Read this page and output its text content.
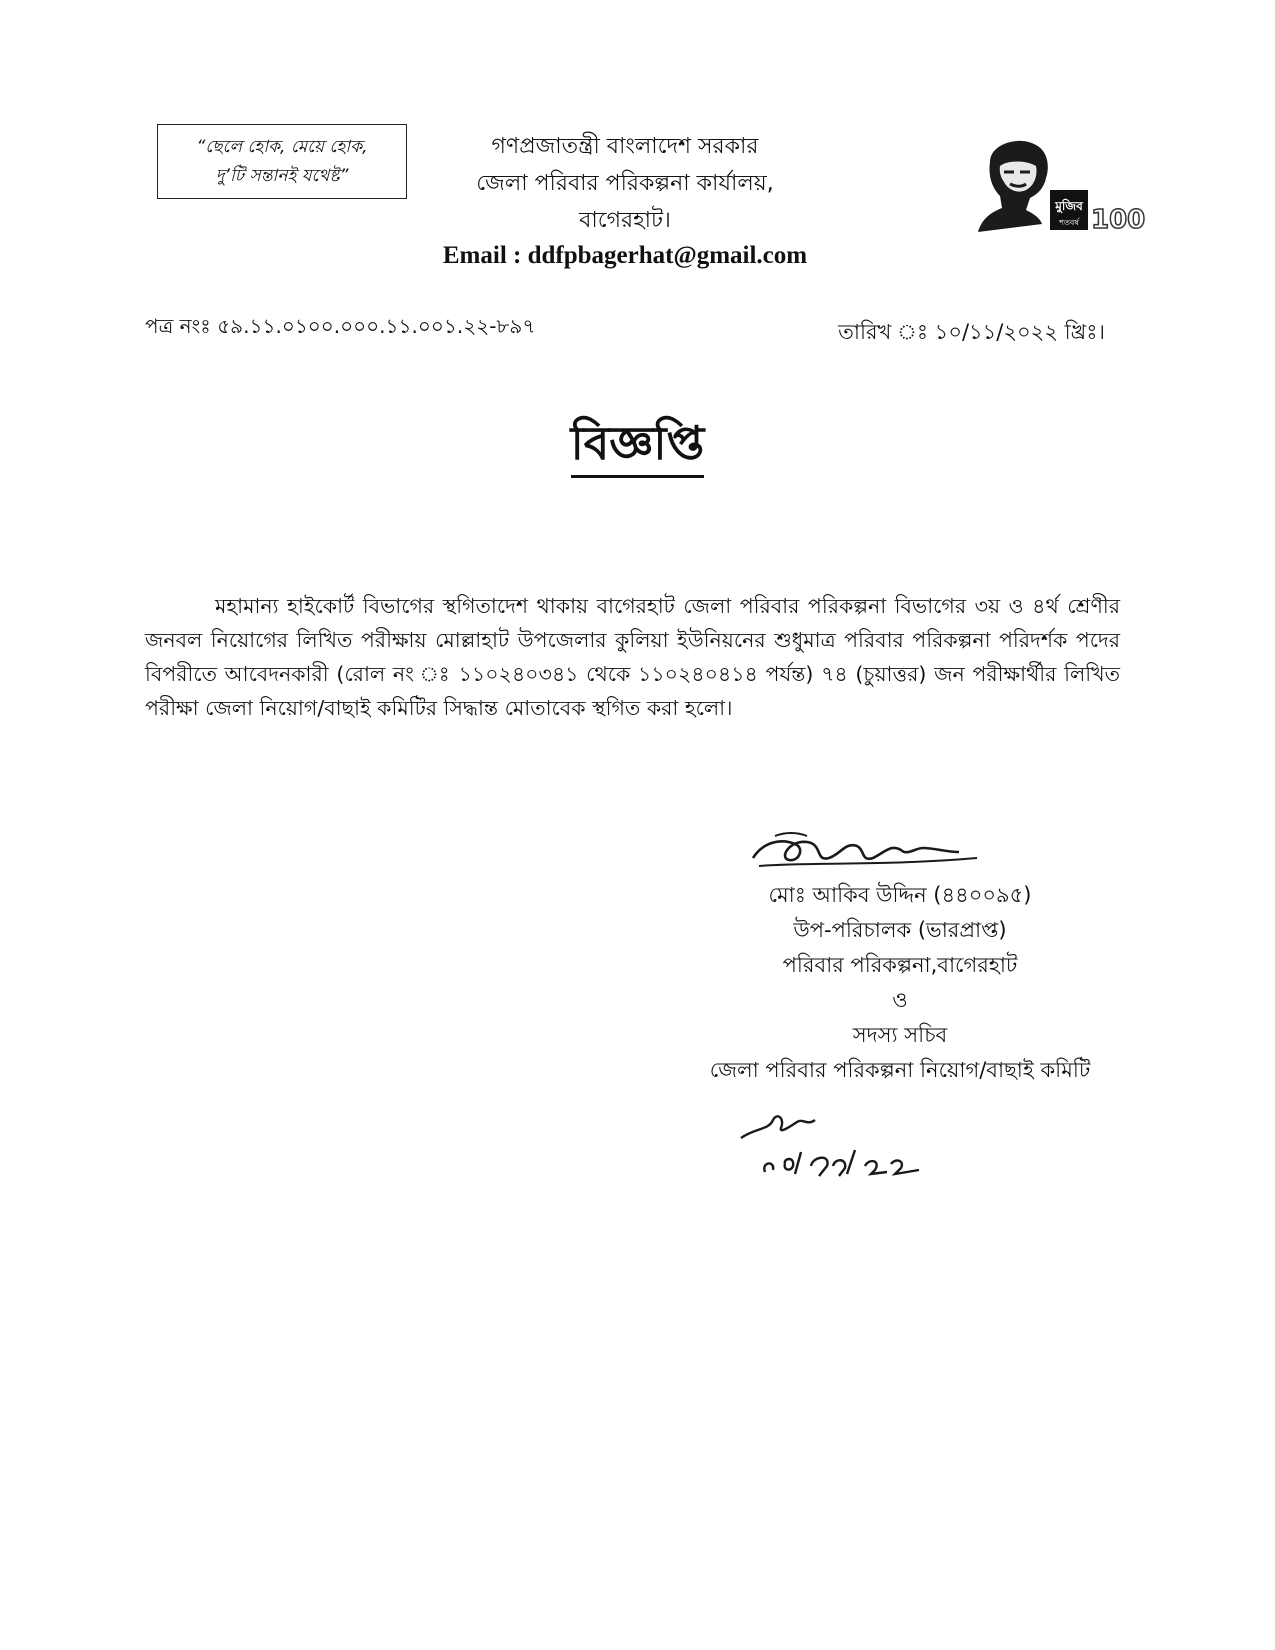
“ছেলে হোক, মেয়ে হোক,
দু’টি সন্তানই যথেষ্ট”
গণপ্রজাতন্ত্রী বাংলাদেশ সরকার
জেলা পরিবার পরিকল্পনা কার্যালয়,
বাগেরহাট।
Email : ddfpbagerhat@gmail.com
মুজিব
শতবর্ষ 100
পত্র নংঃ ৫৯.১১.০১০০.০০০.১১.০০১.২২-৮৯৭	তারিখ ঃ ১০/১১/২০২২ খ্রিঃ।
বিজ্ঞপ্তি

মহামান্য হাইকোর্ট বিভাগের স্থগিতাদেশ থাকায় বাগেরহাট জেলা পরিবার পরিকল্পনা বিভাগের ৩য় ও ৪র্থ শ্রেণীর জনবল নিয়োগের লিখিত পরীক্ষায় মোল্লাহাট উপজেলার কুলিয়া ইউনিয়নের শুধুমাত্র পরিবার পরিকল্পনা পরিদর্শক পদের বিপরীতে আবেদনকারী (রোল নং ঃ ১১০২৪০৩৪১ থেকে ১১০২৪০৪১৪ পর্যন্ত) ৭৪ (চুয়াত্তর) জন পরীক্ষার্থীর লিখিত পরীক্ষা জেলা নিয়োগ/বাছাই কমিটির সিদ্ধান্ত মোতাবেক স্থগিত করা হলো।

মোঃ আকিব উদ্দিন (৪৪০০৯৫)
উপ-পরিচালক (ভারপ্রাপ্ত)
পরিবার পরিকল্পনা,বাগেরহাট
ও
সদস্য সচিব
জেলা পরিবার পরিকল্পনা নিয়োগ/বাছাই কমিটি
